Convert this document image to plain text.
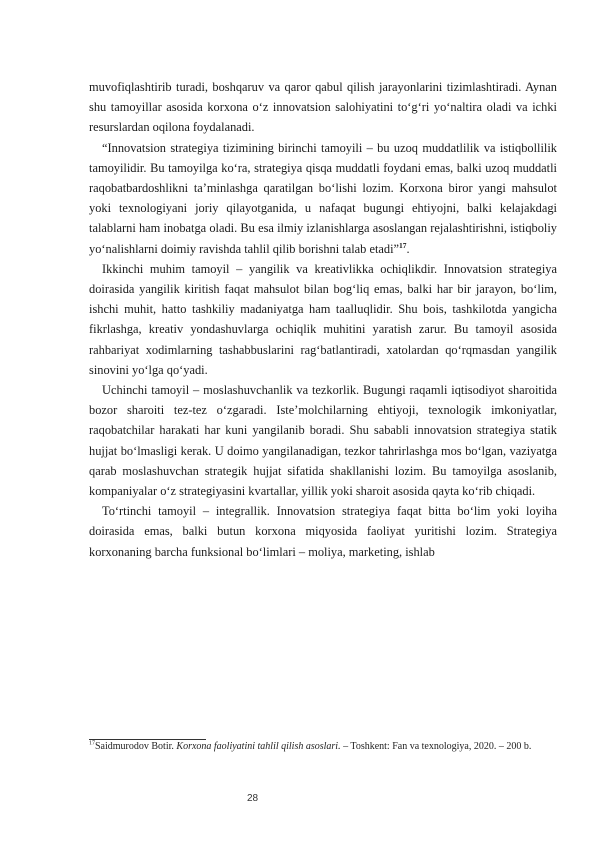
muvofiqlashtirib turadi, boshqaruv va qaror qabul qilish jarayonlarini tizimlashtiradi. Aynan shu tamoyillar asosida korxona o‘z innovatsion salohiyatini to‘g‘ri yo‘naltira oladi va ichki resurslardan oqilona foydalanadi.

“Innovatsion strategiya tizimining birinchi tamoyili – bu uzoq muddatlilik va istiqbollilik tamoyilidir. Bu tamoyilga ko‘ra, strategiya qisqa muddatli foydani emas, balki uzoq muddatli raqobatbardoshlikni ta’minlashga qaratilgan bo‘lishi lozim. Korxona biror yangi mahsulot yoki texnologiyani joriy qilayotganida, u nafaqat bugungi ehtiyojni, balki kelajakdagi talablarni ham inobatga oladi. Bu esa ilmiy izlanishlarga asoslangan rejalashtirishni, istiqboliy yo‘nalishlarni doimiy ravishda tahlil qilib borishni talab etadi”$^{17}$.

Ikkinchi muhim tamoyil – yangilik va kreativlikka ochiqlikdir. Innovatsion strategiya doirasida yangilik kiritish faqat mahsulot bilan bog‘liq emas, balki har bir jarayon, bo‘lim, ishchi muhit, hatto tashkiliy madaniyatga ham taalluqlidir. Shu bois, tashkilotda yangicha fikrlashga, kreativ yondashuvlarga ochiqlik muhitini yaratish zarur. Bu tamoyil asosida rahbariyat xodimlarning tashabbuslarini rag‘batlantiradi, xatolardan qo‘rqmasdan yangilik sinovini yo‘lga qo‘yadi.

Uchinchi tamoyil – moslashuvchanlik va tezkorlik. Bugungi raqamli iqtisodiyot sharoitida bozor sharoiti tez-tez o‘zgaradi. Iste’molchilarning ehtiyoji, texnologik imkoniyatlar, raqobatchilar harakati har kuni yangilanib boradi. Shu sababli innovatsion strategiya statik hujjat bo‘lmasligi kerak. U doimo yangilanadigan, tezkor tahrirlashga mos bo‘lgan, vaziyatga qarab moslashuvchan strategik hujjat sifatida shakllanishi lozim. Bu tamoyilga asoslanib, kompaniyalar o‘z strategiyasini kvartallar, yillik yoki sharoit asosida qayta ko‘rib chiqadi.

To‘rtinchi tamoyil – integrallik. Innovatsion strategiya faqat bitta bo‘lim yoki loyiha doirasida emas, balki butun korxona miqyosida faoliyat yuritishi lozim. Strategiya korxonaning barcha funksional bo‘limlari – moliya, marketing, ishlab

$^{17}$Saidmurodov Botir. Korxona faoliyatini tahlil qilish asoslari. – Toshkent: Fan va texnologiya, 2020. – 200 b.
28
